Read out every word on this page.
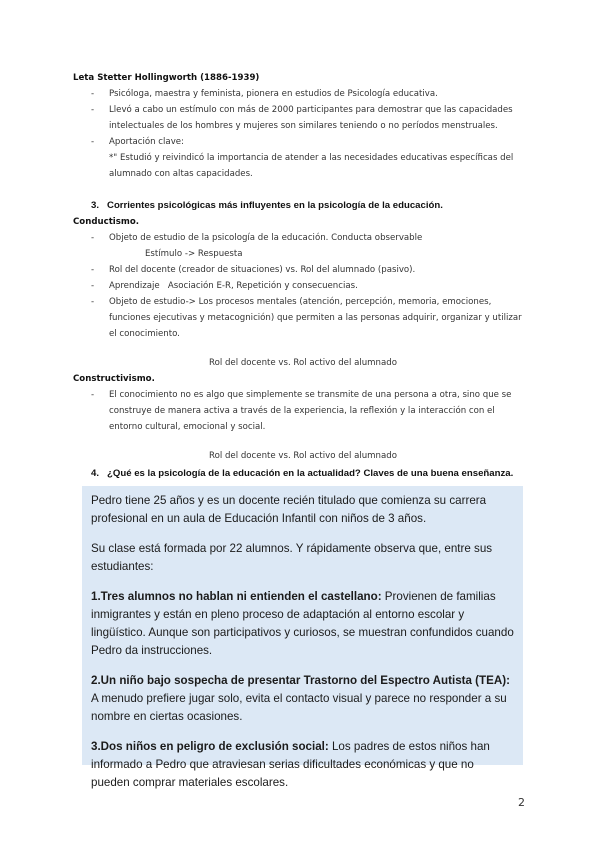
Leta Stetter Hollingworth (1886-1939)
- Psicóloga, maestra y feminista, pionera en estudios de Psicología educativa.
- Llevó a cabo un estímulo con más de 2000 participantes para demostrar que las capacidades
intelectuales de los hombres y mujeres son similares teniendo o no períodos menstruales.
- Aportación clave:
*" Estudió y reivindicó la importancia de atender a las necesidades educativas específicas del
alumnado con altas capacidades.
3. Corrientes psicológicas más influyentes en la psicología de la educación.
Conductismo.
- Objeto de estudio de la psicología de la educación. Conducta observable
Estímulo -> Respuesta
- Rol del docente (creador de situaciones) vs. Rol del alumnado (pasivo).
- Aprendizaje   Asociación E-R, Repetición y consecuencias.
- Objeto de estudio-> Los procesos mentales (atención, percepción, memoria, emociones,
funciones ejecutivas y metacognición) que permiten a las personas adquirir, organizar y utilizar
el conocimiento.
Rol del docente vs. Rol activo del alumnado
Constructivismo.
- El conocimiento no es algo que simplemente se transmite de una persona a otra, sino que se
construye de manera activa a través de la experiencia, la reflexión y la interacción con el
entorno cultural, emocional y social.
Rol del docente vs. Rol activo del alumnado
4. ¿Qué es la psicología de la educación en la actualidad? Claves de una buena enseñanza.

Pedro tiene 25 años y es un docente recién titulado que comienza su carrera profesional en un aula de Educación Infantil con niños de 3 años.

Su clase está formada por 22 alumnos. Y rápidamente observa que, entre sus estudiantes:

1.Tres alumnos no hablan ni entienden el castellano: Provienen de familias inmigrantes y están en pleno proceso de adaptación al entorno escolar y lingüístico. Aunque son participativos y curiosos, se muestran confundidos cuando Pedro da instrucciones.

2.Un niño bajo sospecha de presentar Trastorno del Espectro Autista (TEA): A menudo prefiere jugar solo, evita el contacto visual y parece no responder a su nombre en ciertas ocasiones.

3.Dos niños en peligro de exclusión social: Los padres de estos niños han informado a Pedro que atraviesan serias dificultades económicas y que no pueden comprar materiales escolares.

2
